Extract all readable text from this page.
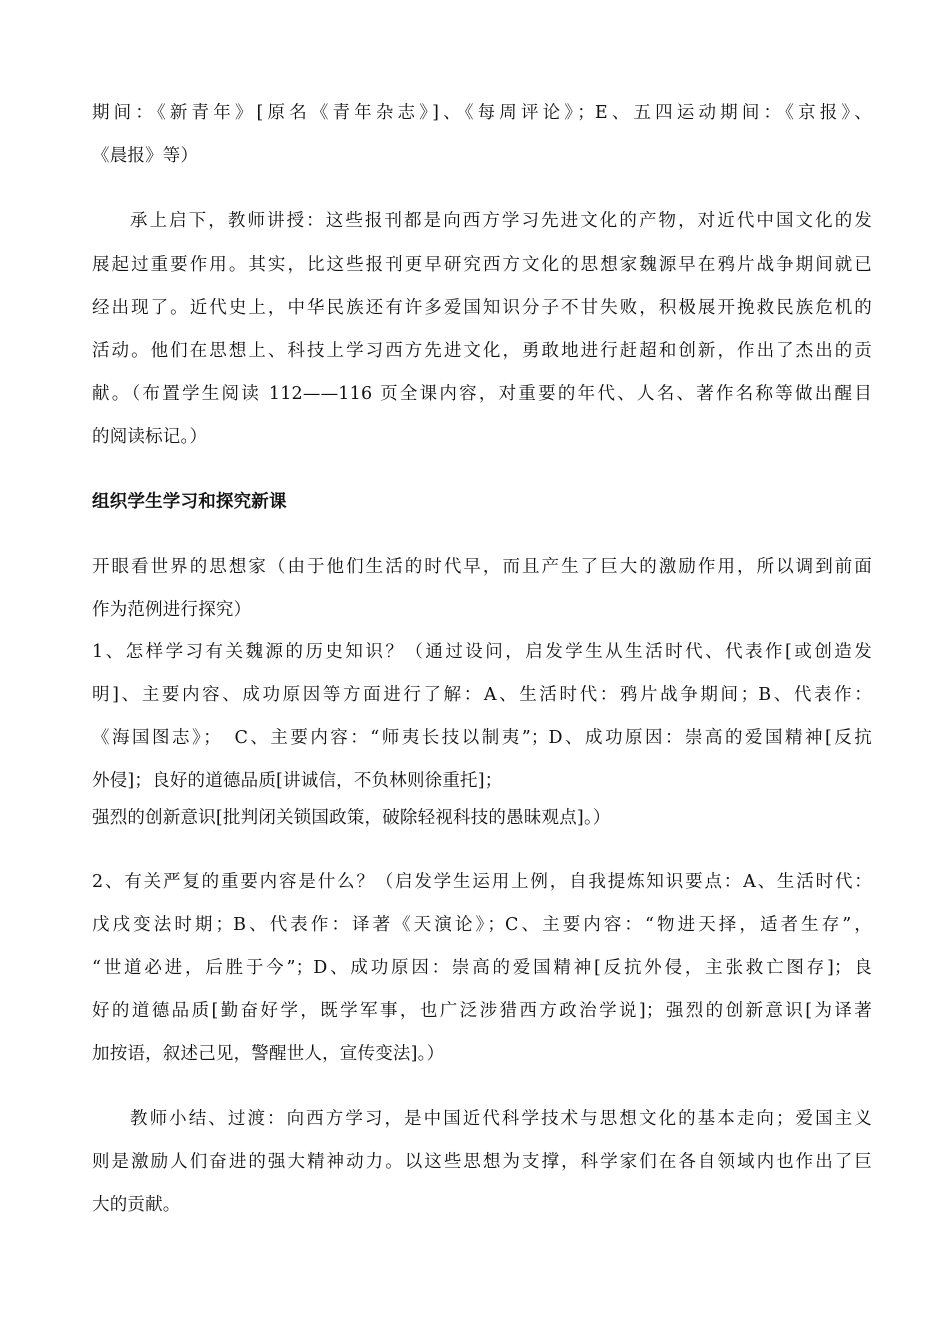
期间：《新青年》[原名《青年杂志》]、《每周评论》；E、五四运动期间：《京报》、
《晨报》等）
承上启下，教师讲授：这些报刊都是向西方学习先进文化的产物，对近代中国文化的发
展起过重要作用。其实，比这些报刊更早研究西方文化的思想家魏源早在鸦片战争期间就已
经出现了。近代史上，中华民族还有许多爱国知识分子不甘失败，积极展开挽救民族危机的
活动。他们在思想上、科技上学习西方先进文化，勇敢地进行赶超和创新，作出了杰出的贡
献。（布置学生阅读 112——116 页全课内容，对重要的年代、人名、著作名称等做出醒目
的阅读标记。）
组织学生学习和探究新课
开眼看世界的思想家（由于他们生活的时代早，而且产生了巨大的激励作用，所以调到前面
作为范例进行探究）
1、怎样学习有关魏源的历史知识？（通过设问，启发学生从生活时代、代表作[或创造发
明]、主要内容、成功原因等方面进行了解：A、生活时代：鸦片战争期间；B、代表作：
《海国图志》；　C、主要内容：“师夷长技以制夷”；D、成功原因：崇高的爱国精神[反抗
外侵]；良好的道德品质[讲诚信，不负林则徐重托]；
强烈的创新意识[批判闭关锁国政策，破除轻视科技的愚昧观点]。）
2、有关严复的重要内容是什么？（启发学生运用上例，自我提炼知识要点：A、生活时代：
戊戌变法时期；B、代表作：译著《天演论》；C、主要内容：“物进天择，适者生存”，
“世道必进，后胜于今”；D、成功原因：崇高的爱国精神[反抗外侵，主张救亡图存]；良
好的道德品质[勤奋好学，既学军事，也广泛涉猎西方政治学说]；强烈的创新意识[为译著
加按语，叙述己见，警醒世人，宣传变法]。）
教师小结、过渡：向西方学习，是中国近代科学技术与思想文化的基本走向；爱国主义
则是激励人们奋进的强大精神动力。以这些思想为支撑，科学家们在各自领域内也作出了巨
大的贡献。
